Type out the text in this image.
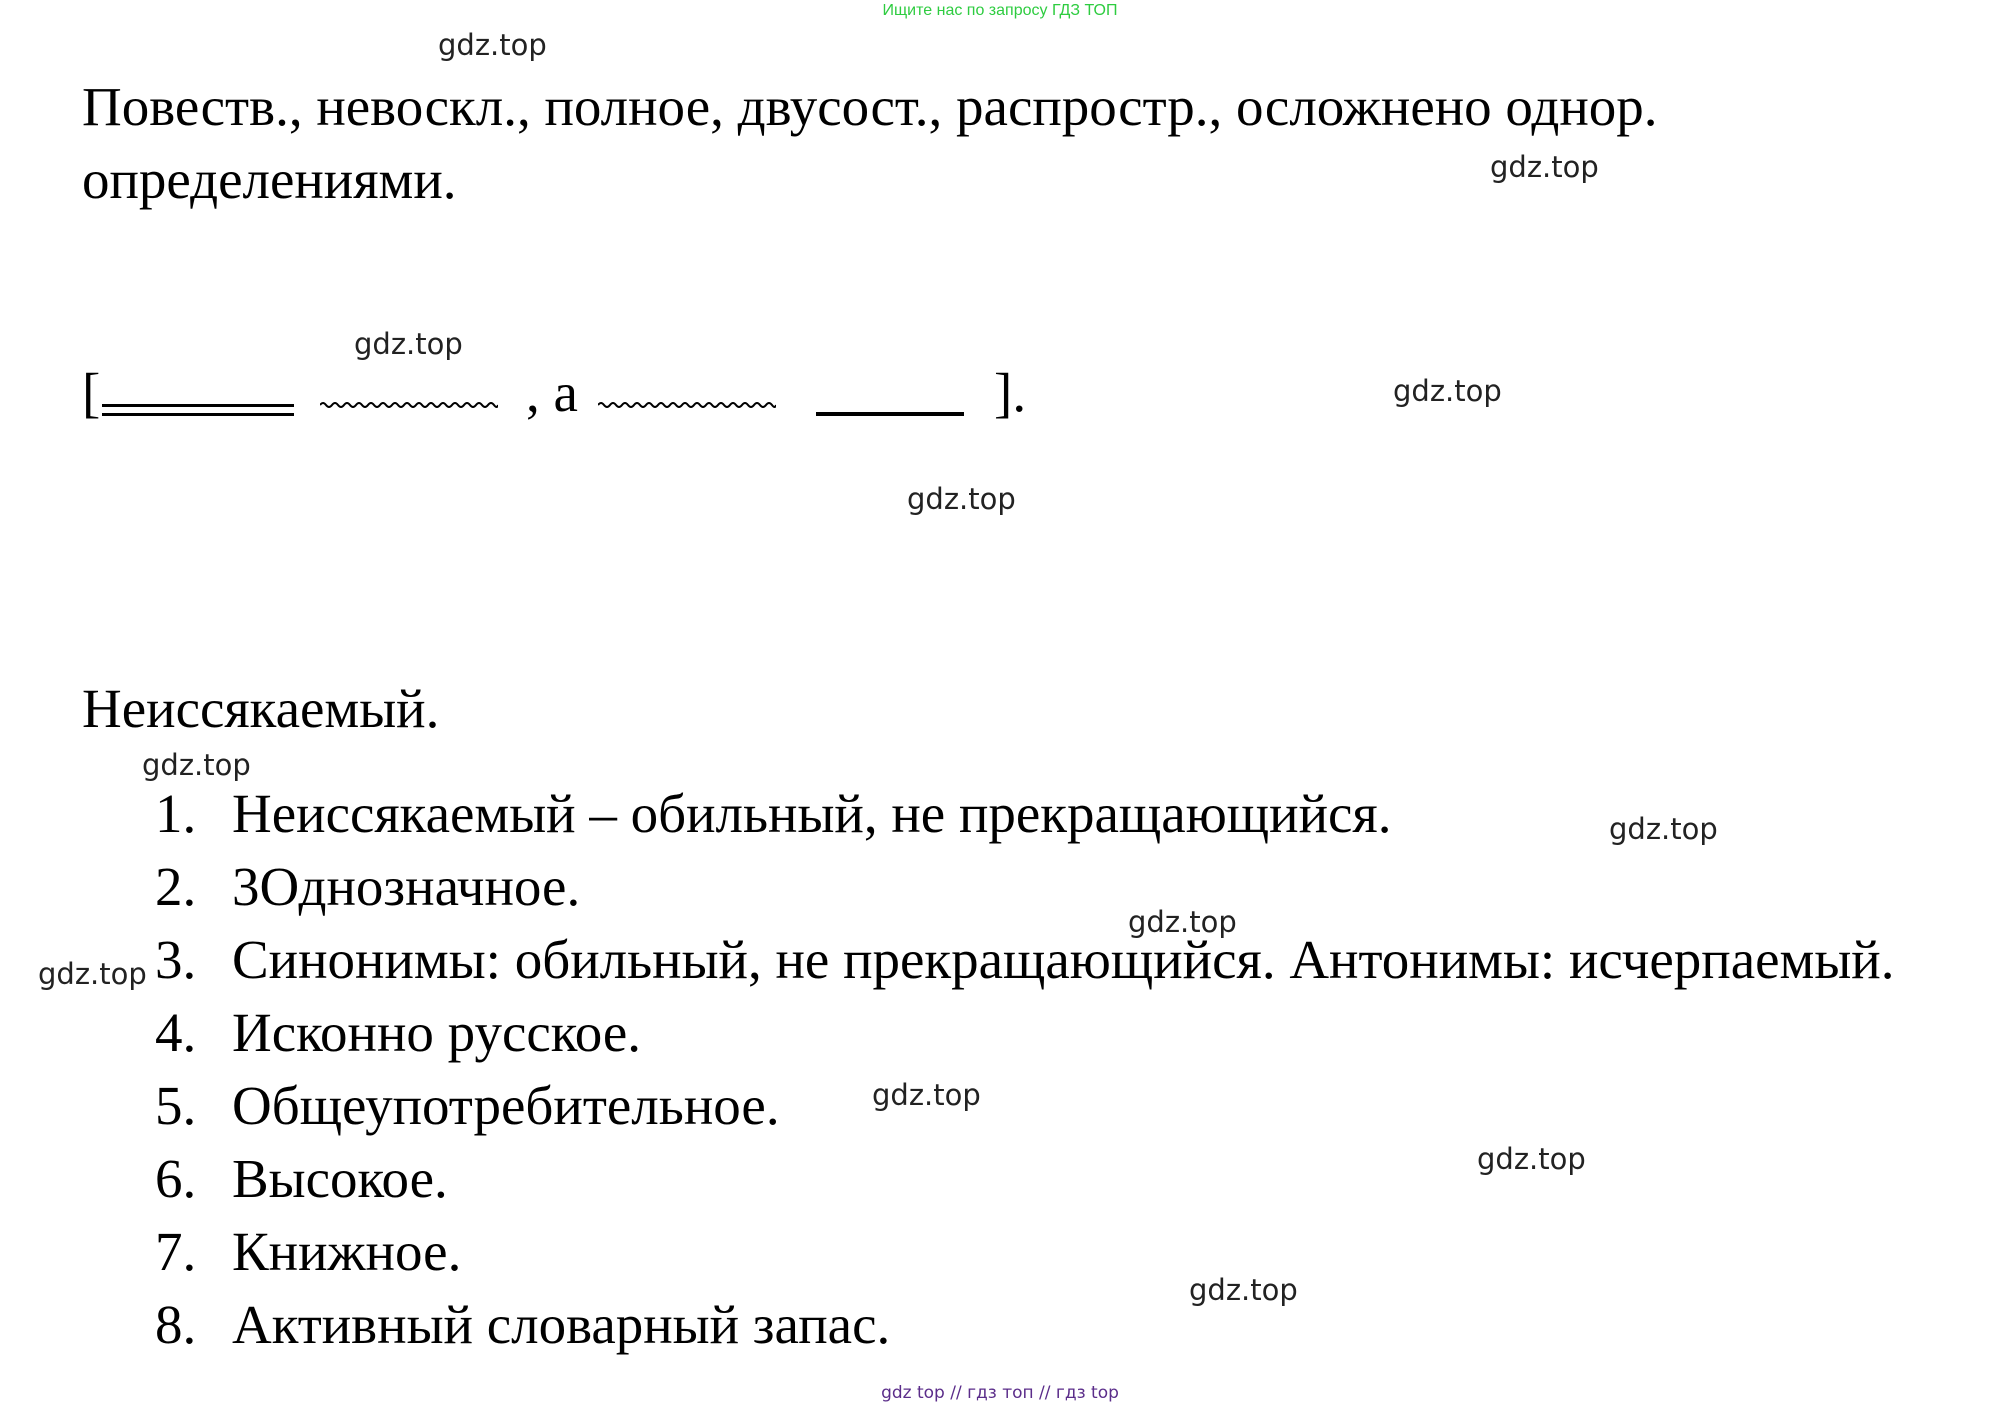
Ищите нас по запросу ГДЗ ТОП
gdz.top
gdz.top
gdz.top
gdz.top
gdz.top
gdz.top
gdz.top
gdz.top
gdz.top
gdz.top
gdz.top
gdz.top
Повеств., невоскл., полное, двусост., распростр., осложнено однор.
определениями.
[	, а	].
Неиссякаемый.
1. Неиссякаемый – обильный, не прекращающийся.
2. 3Однозначное.
3. Синонимы: обильный, не прекращающийся. Антонимы: исчерпаемый.
4. Исконно русское.
5. Общеупотребительное.
6. Высокое.
7. Книжное.
8. Активный словарный запас.
gdz top // гдз топ // гдз top
